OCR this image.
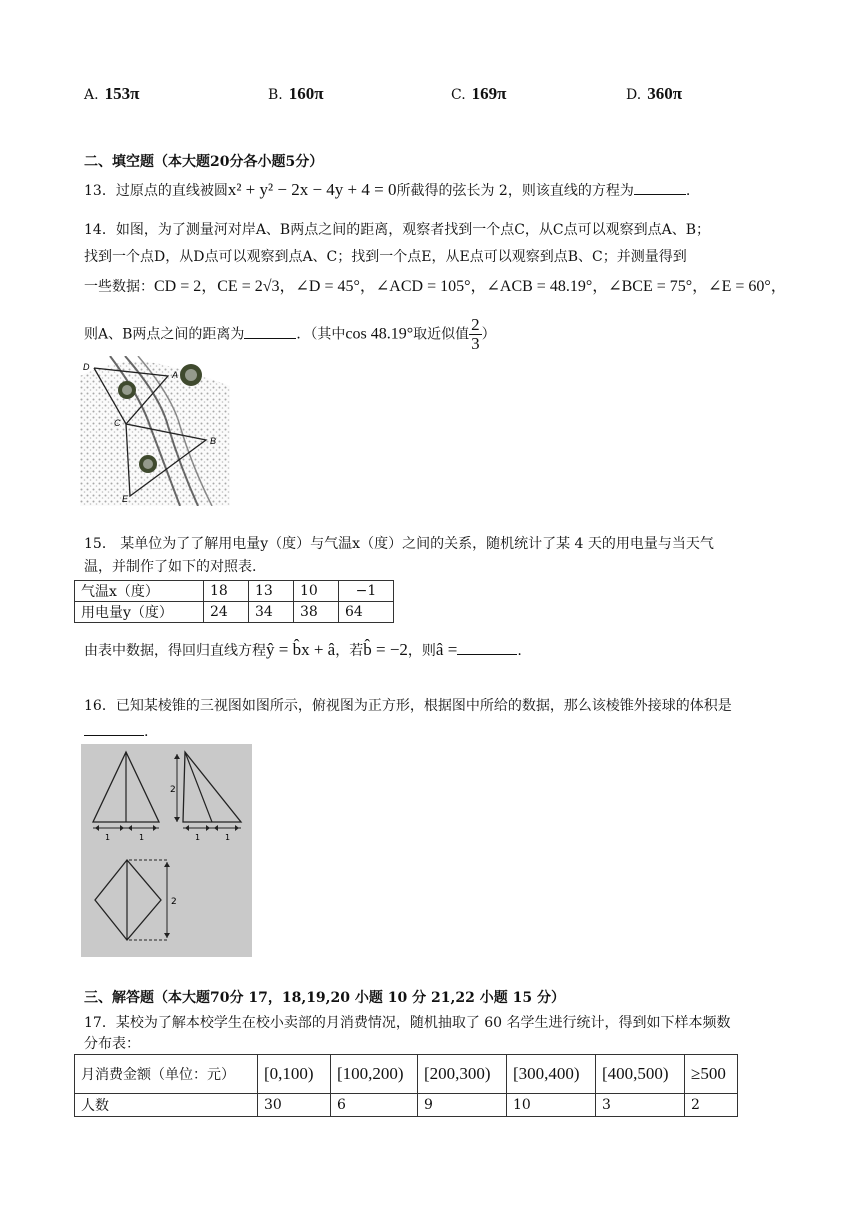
A. 153π	B. 160π	C. 169π	D. 360π
二、填空题（本大题20分各小题5分）
13．过原点的直线被圆x² + y² − 2x − 4y + 4 = 0所截得的弦长为 2，则该直线的方程为	.
14．如图，为了测量河对岸A、B两点之间的距离，观察者找到一个点C，从C点可以观察到点A、B；
找到一个点D，从D点可以观察到点A、C；找到一个点E，从E点可以观察到点B、C；并测量得到
一些数据：CD = 2，CE = 2√3，∠D = 45°，∠ACD = 105°，∠ACB = 48.19°，∠BCE = 75°，∠E = 60°，
则A、B两点之间的距离为	．（其中cos 48.19°取近似值 $\frac{2}{3}$ ）
A
D
C
B
E
15． 某单位为了了解用电量y（度）与气温x（度）之间的关系，随机统计了某 4 天的用电量与当天气
温，并制作了如下的对照表.
气温x（度）	18	13	10	−1
用电量y（度）	24	34	38	64
由表中数据，得回归直线方程ŷ = b̂x + â，若b̂ = −2，则â =	.
16．已知某棱锥的三视图如图所示，俯视图为正方形，根据图中所给的数据，那么该棱锥外接球的体积是
.
2
1	1	1	1
2
三、解答题（本大题70分 17，18,19,20 小题 10 分 21,22 小题 15 分）
17．某校为了解本校学生在校小卖部的月消费情况，随机抽取了 60 名学生进行统计，得到如下样本频数
分布表：
月消费金额（单位：元）	[0,100)	[100,200)	[200,300)	[300,400)	[400,500)	≥500
人数	30	6	9	10	3	2
